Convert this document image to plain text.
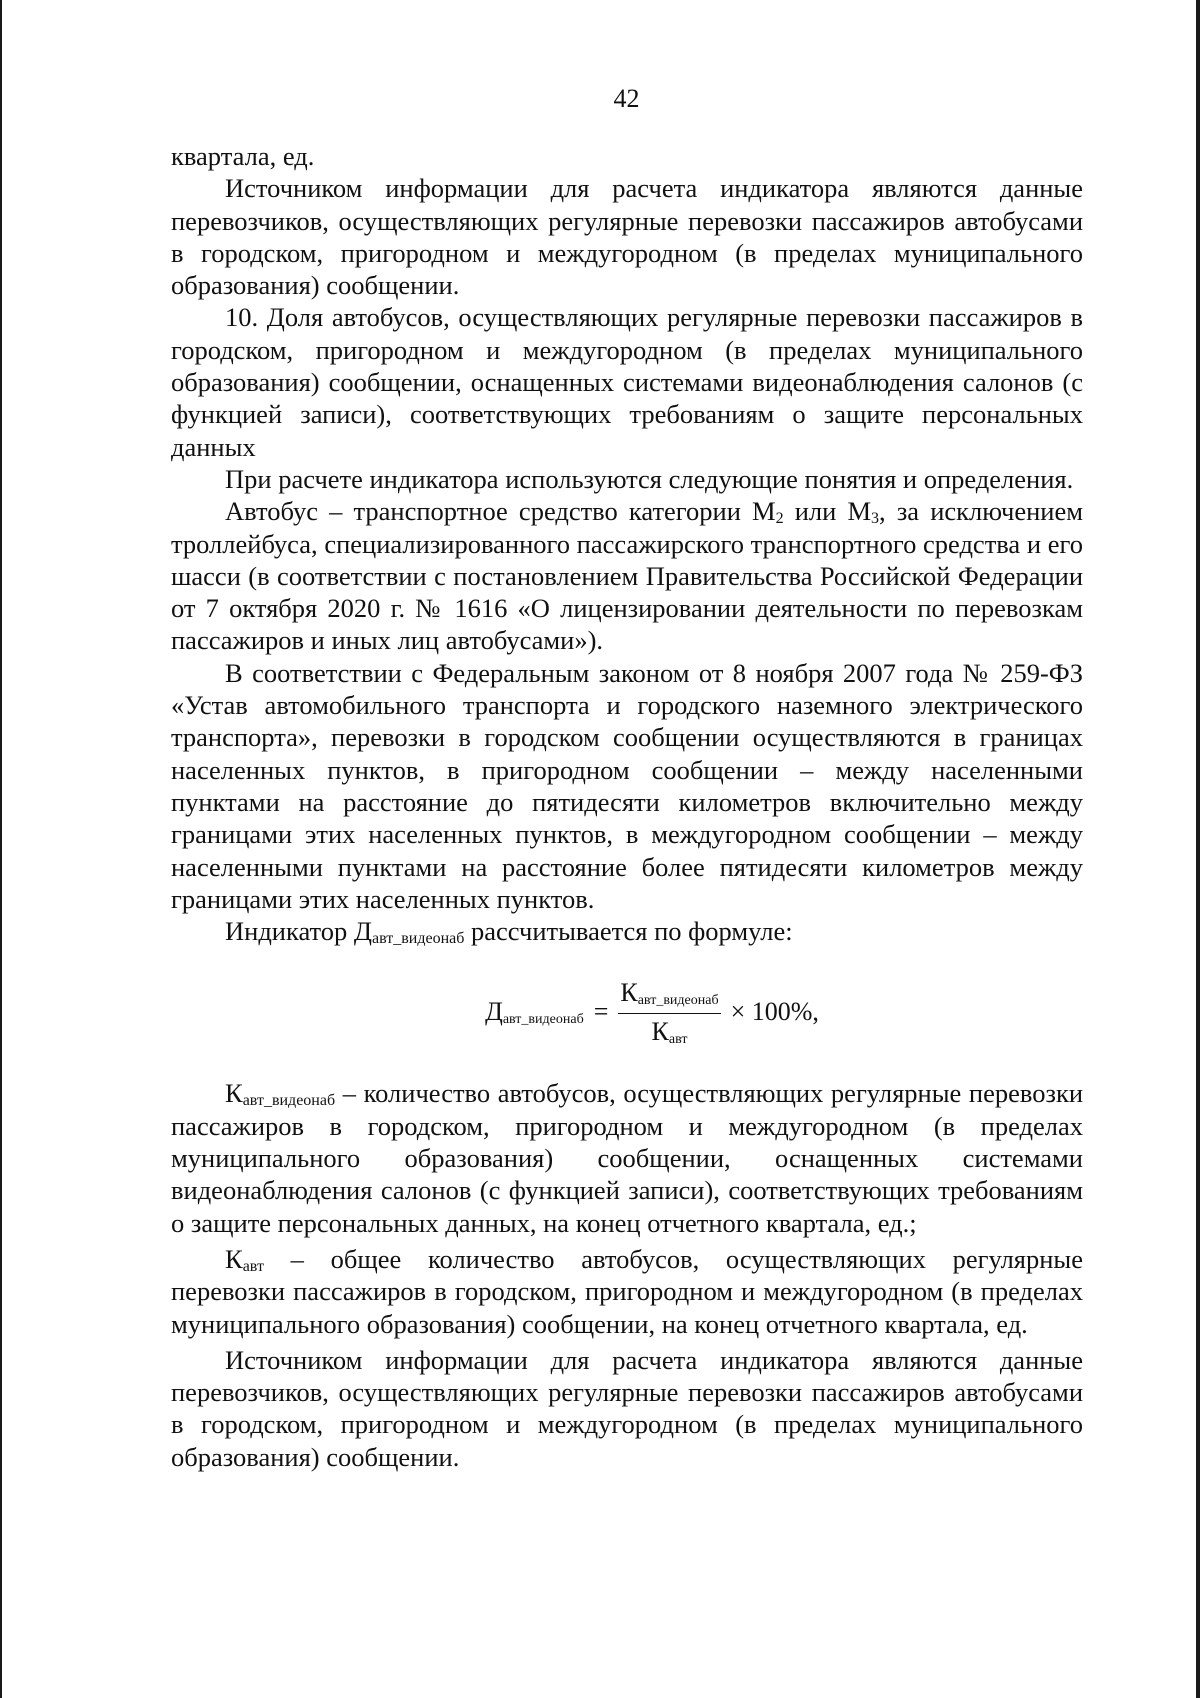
42

квартала, ед.

Источником информации для расчета индикатора являются данные перевозчиков, осуществляющих регулярные перевозки пассажиров автобусами в городском, пригородном и междугородном (в пределах муниципального образования) сообщении.

10. Доля автобусов, осуществляющих регулярные перевозки пассажиров в городском, пригородном и междугородном (в пределах муниципального образования) сообщении, оснащенных системами видеонаблюдения салонов (с функцией записи), соответствующих требованиям о защите персональных данных

При расчете индикатора используются следующие понятия и определения.

Автобус – транспортное средство категории $М_2$ или $М_3$, за исключением троллейбуса, специализированного пассажирского транспортного средства и его шасси (в соответствии с постановлением Правительства Российской Федерации от 7 октября 2020 г. № 1616 «О лицензировании деятельности по перевозкам пассажиров и иных лиц автобусами»).

В соответствии с Федеральным законом от 8 ноября 2007 года № 259-ФЗ «Устав автомобильного транспорта и городского наземного электрического транспорта», перевозки в городском сообщении осуществляются в границах населенных пунктов, в пригородном сообщении – между населенными пунктами на расстояние до пятидесяти километров включительно между границами этих населенных пунктов, в междугородном сообщении – между населенными пунктами на расстояние более пятидесяти километров между границами этих населенных пунктов.

Индикатор $Д_{авт\_видеонаб}$ рассчитывается по формуле:

$Д_{авт\_видеонаб} = \frac{К_{авт\_видеонаб}}{К_{авт}} \times 100\%$,

$К_{авт\_видеонаб}$ – количество автобусов, осуществляющих регулярные перевозки пассажиров в городском, пригородном и междугородном (в пределах муниципального образования) сообщении, оснащенных системами видеонаблюдения салонов (с функцией записи), соответствующих требованиям о защите персональных данных, на конец отчетного квартала, ед.;

$К_{авт}$ – общее количество автобусов, осуществляющих регулярные перевозки пассажиров в городском, пригородном и междугородном (в пределах муниципального образования) сообщении, на конец отчетного квартала, ед.

Источником информации для расчета индикатора являются данные перевозчиков, осуществляющих регулярные перевозки пассажиров автобусами в городском, пригородном и междугородном (в пределах муниципального образования) сообщении.
